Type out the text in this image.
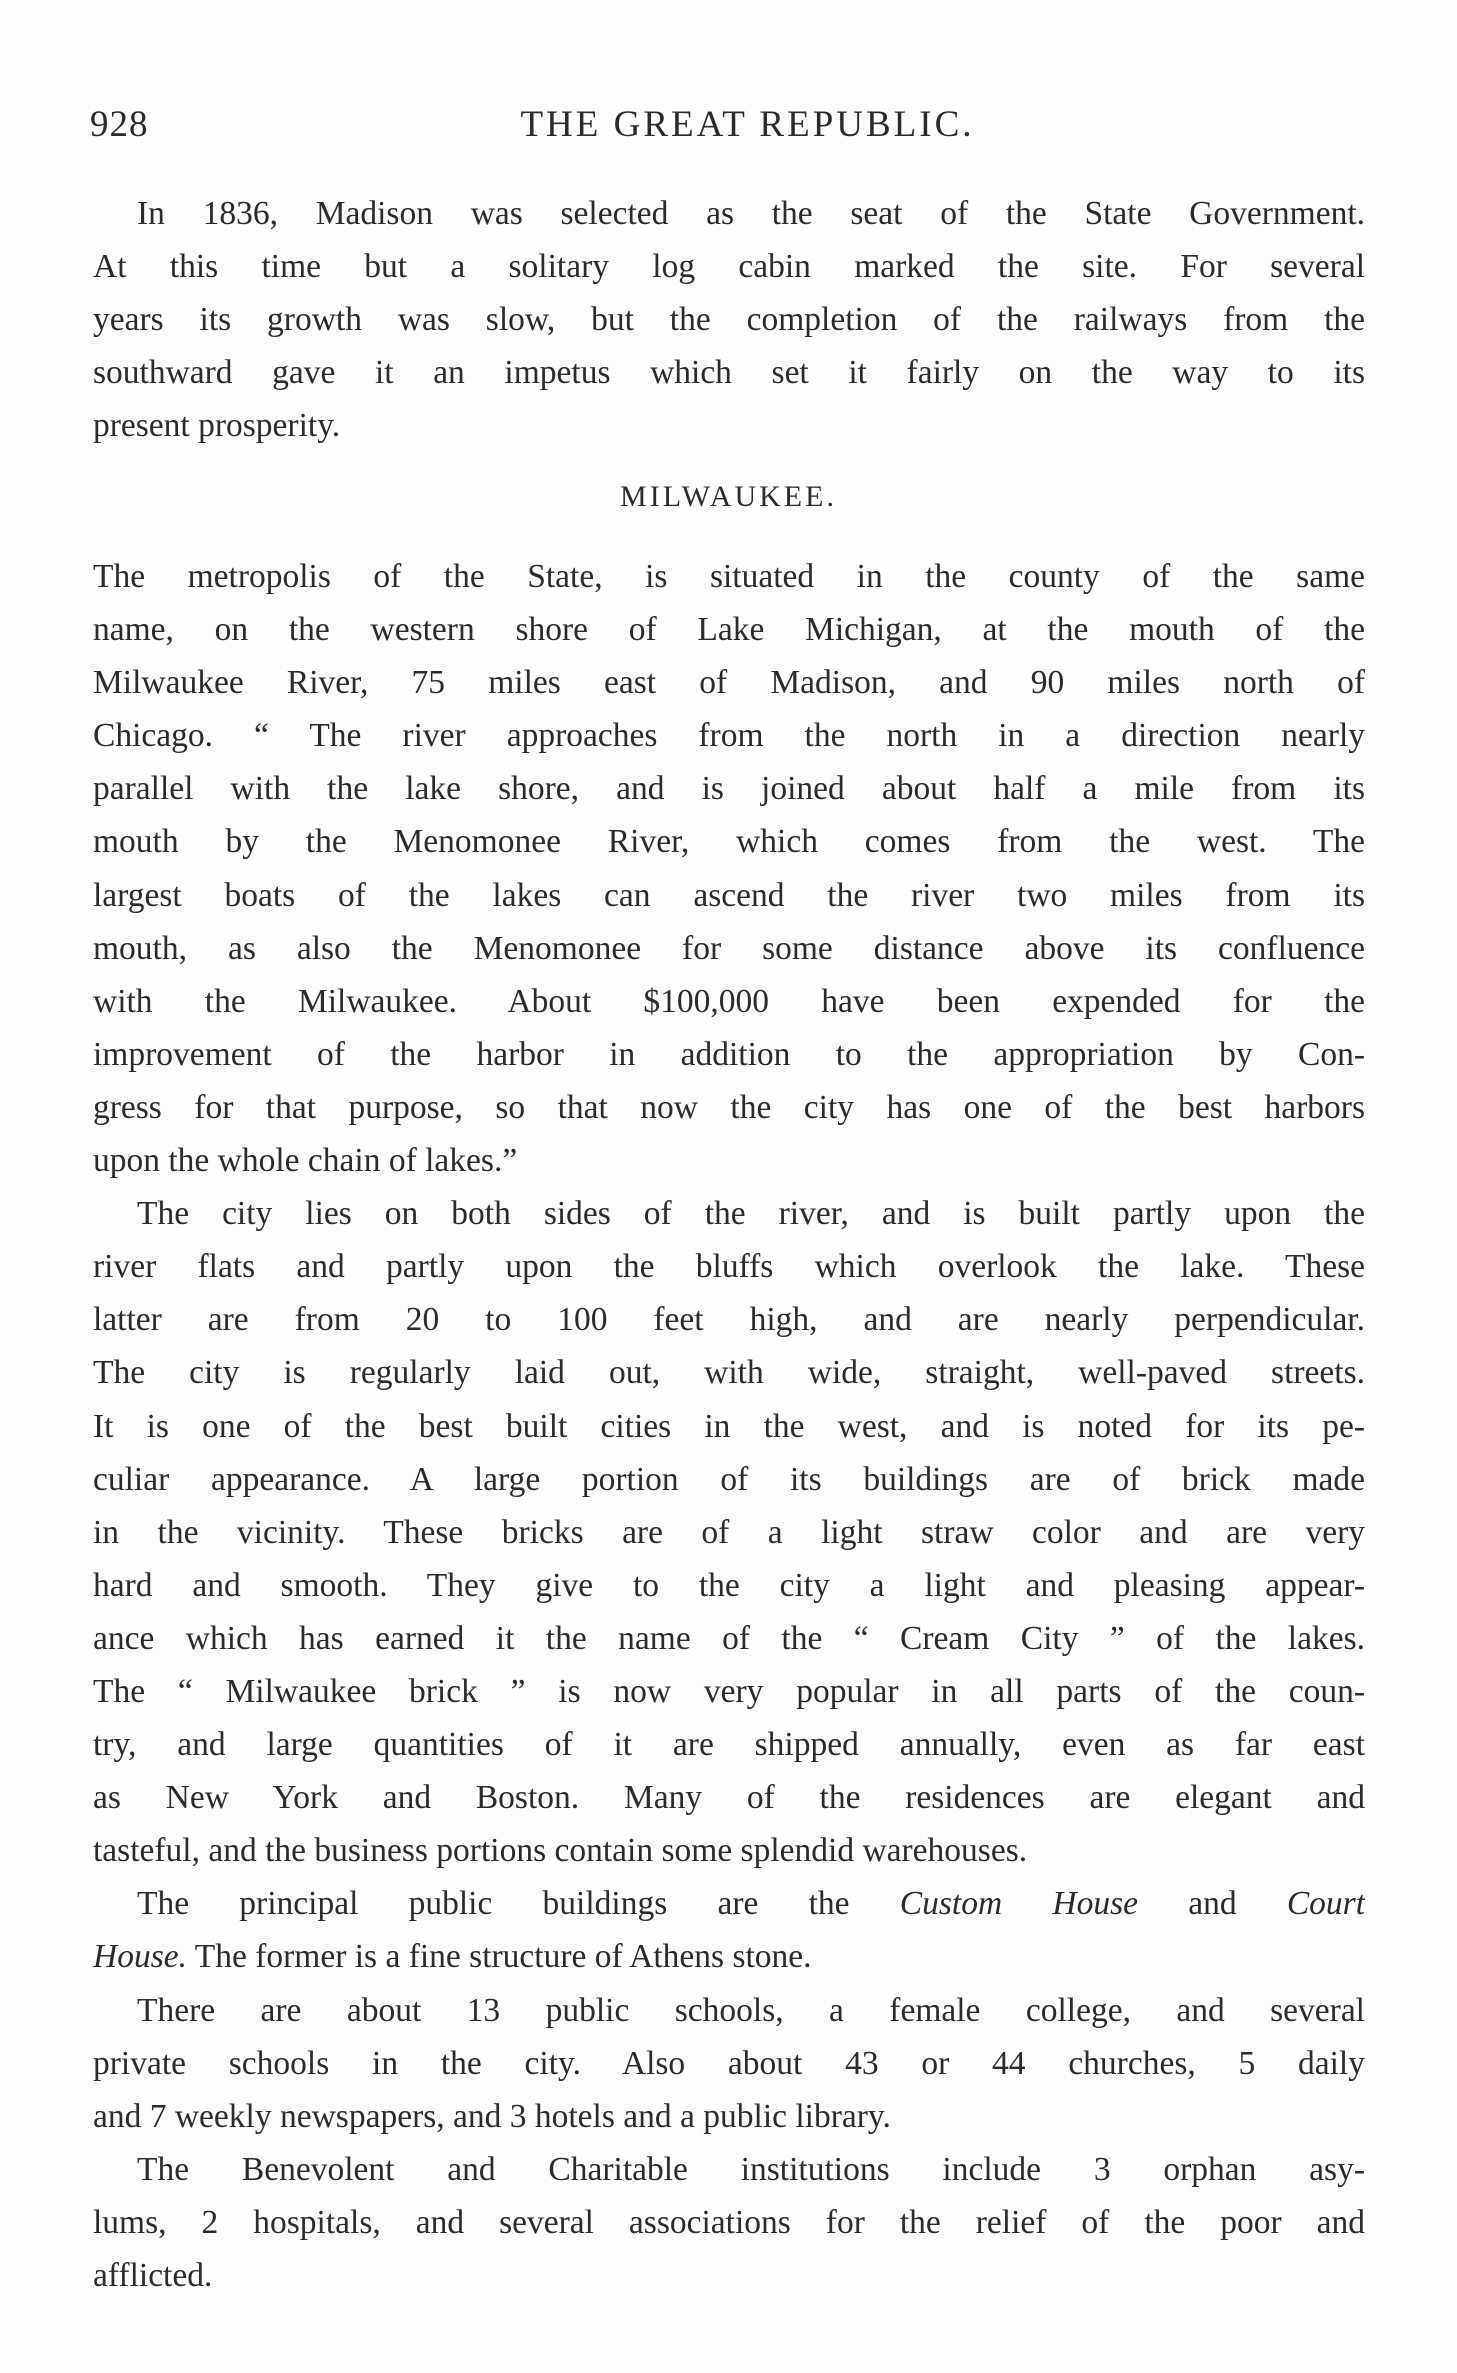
928	THE GREAT REPUBLIC.
In 1836, Madison was selected as the seat of the State Government.
At this time but a solitary log cabin marked the site. For several
years its growth was slow, but the completion of the railways from the
southward gave it an impetus which set it fairly on the way to its
present prosperity.
MILWAUKEE.
The metropolis of the State, is situated in the county of the same
name, on the western shore of Lake Michigan, at the mouth of the
Milwaukee River, 75 miles east of Madison, and 90 miles north of
Chicago. “ The river approaches from the north in a direction nearly
parallel with the lake shore, and is joined about half a mile from its
mouth by the Menomonee River, which comes from the west. The
largest boats of the lakes can ascend the river two miles from its
mouth, as also the Menomonee for some distance above its confluence
with the Milwaukee. About $100,000 have been expended for the
improvement of the harbor in addition to the appropriation by Con-
gress for that purpose, so that now the city has one of the best harbors
upon the whole chain of lakes.”
The city lies on both sides of the river, and is built partly upon the
river flats and partly upon the bluffs which overlook the lake. These
latter are from 20 to 100 feet high, and are nearly perpendicular.
The city is regularly laid out, with wide, straight, well-paved streets.
It is one of the best built cities in the west, and is noted for its pe-
culiar appearance. A large portion of its buildings are of brick made
in the vicinity. These bricks are of a light straw color and are very
hard and smooth. They give to the city a light and pleasing appear-
ance which has earned it the name of the “ Cream City ” of the lakes.
The “ Milwaukee brick ” is now very popular in all parts of the coun-
try, and large quantities of it are shipped annually, even as far east
as New York and Boston. Many of the residences are elegant and
tasteful, and the business portions contain some splendid warehouses.
The principal public buildings are the Custom House and Court
House. The former is a fine structure of Athens stone.
There are about 13 public schools, a female college, and several
private schools in the city. Also about 43 or 44 churches, 5 daily
and 7 weekly newspapers, and 3 hotels and a public library.
The Benevolent and Charitable institutions include 3 orphan asy-
lums, 2 hospitals, and several associations for the relief of the poor and
afflicted.
